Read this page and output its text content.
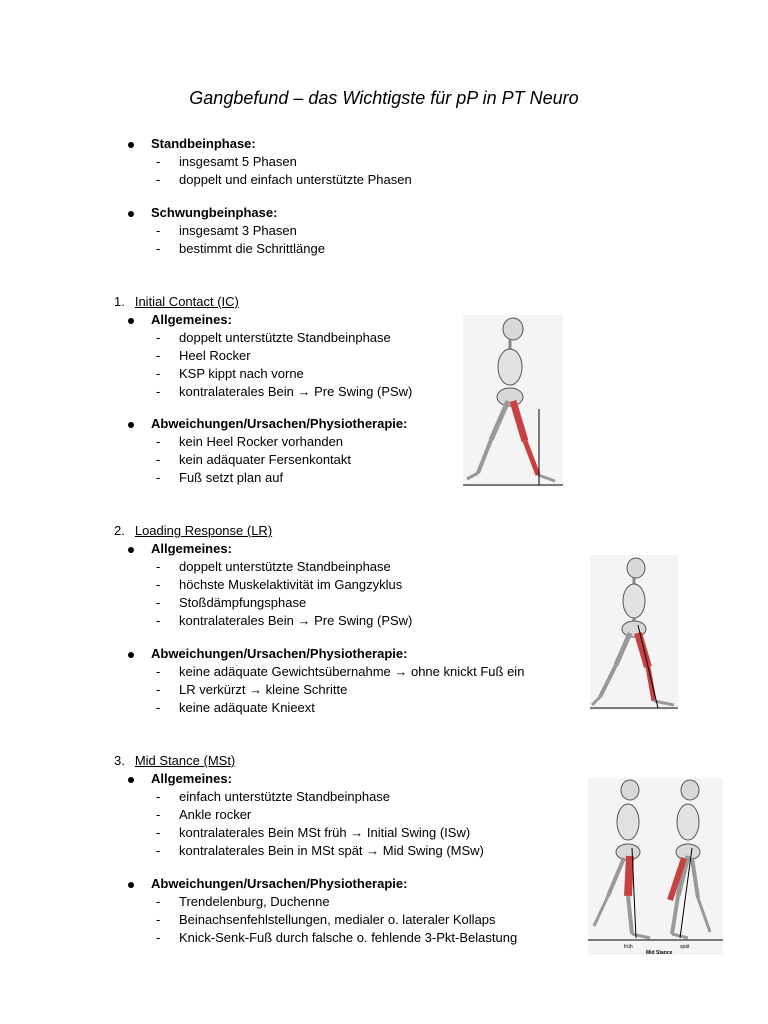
Gangbefund – das Wichtigste für pP in PT Neuro
Standbeinphase:
- insgesamt 5 Phasen
- doppelt und einfach unterstützte Phasen
Schwungbeinphase:
- insgesamt 3 Phasen
- bestimmt die Schrittlänge
1. Initial Contact (IC)
Allgemeines:
- doppelt unterstützte Standbeinphase
- Heel Rocker
- KSP kippt nach vorne
- kontralaterales Bein → Pre Swing (PSw)
Abweichungen/Ursachen/Physiotherapie:
- kein Heel Rocker vorhanden
- kein adäquater Fersenkontakt
- Fuß setzt plan auf
2. Loading Response (LR)
Allgemeines:
- doppelt unterstützte Standbeinphase
- höchste Muskelaktivität im Gangzyklus
- Stoßdämpfungsphase
- kontralaterales Bein → Pre Swing (PSw)
Abweichungen/Ursachen/Physiotherapie:
- keine adäquate Gewichtsübernahme → ohne knickt Fuß ein
- LR verkürzt → kleine Schritte
- keine adäquate Knieext
3. Mid Stance (MSt)
Allgemeines:
- einfach unterstützte Standbeinphase
- Ankle rocker
- kontralaterales Bein MSt früh → Initial Swing (ISw)
- kontralaterales Bein in MSt spät → Mid Swing (MSw)
Abweichungen/Ursachen/Physiotherapie:
- Trendelenburg, Duchenne
- Beinachsenfehlstellungen, medialer o. lateraler Kollaps
- Knick-Senk-Fuß durch falsche o. fehlende 3-Pkt-Belastung
früh	spät
Mid Stance
